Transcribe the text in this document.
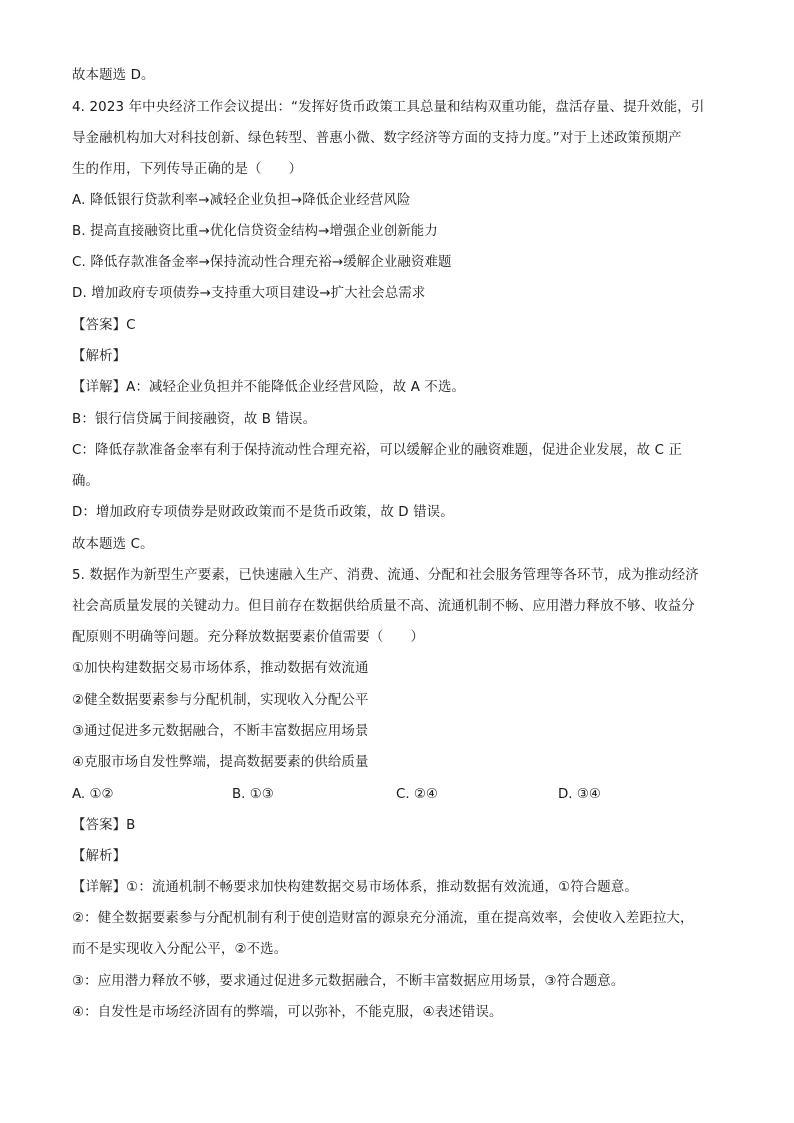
故本题选 D。
4. 2023 年中央经济工作会议提出：“发挥好货币政策工具总量和结构双重功能，盘活存量、提升效能，引
导金融机构加大对科技创新、绿色转型、普惠小微、数字经济等方面的支持力度。”对于上述政策预期产
生的作用，下列传导正确的是（　　）
A. 降低银行贷款利率→减轻企业负担→降低企业经营风险
B. 提高直接融资比重→优化信贷资金结构→增强企业创新能力
C. 降低存款准备金率→保持流动性合理充裕→缓解企业融资难题
D. 增加政府专项债券→支持重大项目建设→扩大社会总需求
【答案】C
【解析】
【详解】A：减轻企业负担并不能降低企业经营风险，故 A 不选。
B：银行信贷属于间接融资，故 B 错误。
C：降低存款准备金率有利于保持流动性合理充裕，可以缓解企业的融资难题，促进企业发展，故 C 正
确。
D：增加政府专项债券是财政政策而不是货币政策，故 D 错误。
故本题选 C。
5. 数据作为新型生产要素，已快速融入生产、消费、流通、分配和社会服务管理等各环节，成为推动经济
社会高质量发展的关键动力。但目前存在数据供给质量不高、流通机制不畅、应用潜力释放不够、收益分
配原则不明确等问题。充分释放数据要素价值需要（　　）
①加快构建数据交易市场体系，推动数据有效流通
②健全数据要素参与分配机制，实现收入分配公平
③通过促进多元数据融合，不断丰富数据应用场景
④克服市场自发性弊端，提高数据要素的供给质量
A. ①②	B. ①③	C. ②④	D. ③④
【答案】B
【解析】
【详解】①：流通机制不畅要求加快构建数据交易市场体系，推动数据有效流通，①符合题意。
②：健全数据要素参与分配机制有利于使创造财富的源泉充分涌流，重在提高效率，会使收入差距拉大，
而不是实现收入分配公平，②不选。
③：应用潜力释放不够，要求通过促进多元数据融合，不断丰富数据应用场景，③符合题意。
④：自发性是市场经济固有的弊端，可以弥补，不能克服，④表述错误。
